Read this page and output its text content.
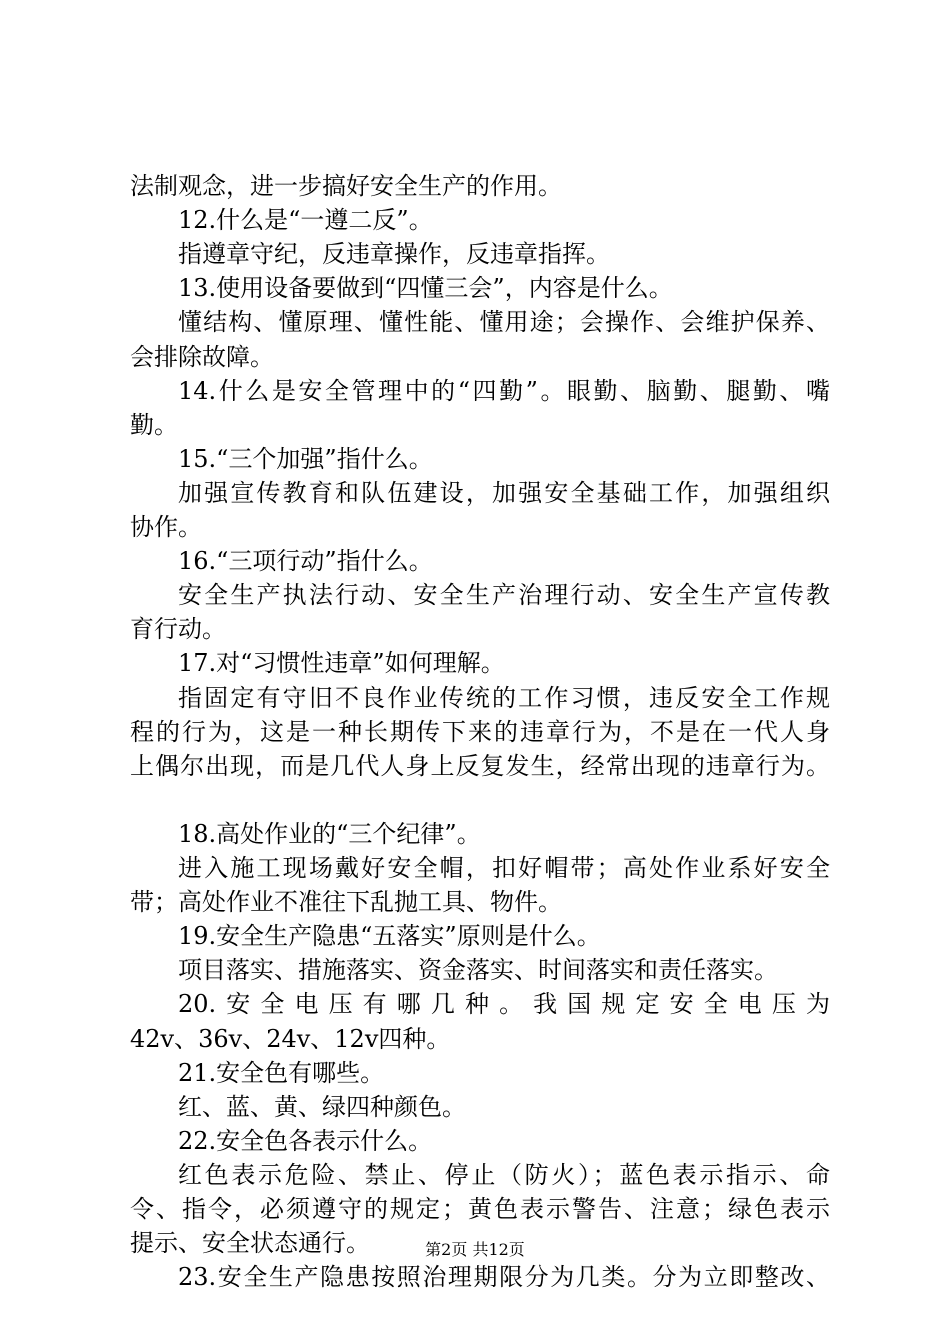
法制观念，进一步搞好安全生产的作用。
12.什么是“一遵二反”。
指遵章守纪，反违章操作，反违章指挥。
13.使用设备要做到“四懂三会”，内容是什么。
懂结构、懂原理、懂性能、懂用途；会操作、会维护保养、
会排除故障。
14.什么是安全管理中的“四勤”。眼勤、脑勤、腿勤、嘴
勤。
15.“三个加强”指什么。
加强宣传教育和队伍建设，加强安全基础工作，加强组织
协作。
16.“三项行动”指什么。
安全生产执法行动、安全生产治理行动、安全生产宣传教
育行动。
17.对“习惯性违章”如何理解。
指固定有守旧不良作业传统的工作习惯，违反安全工作规
程的行为，这是一种长期传下来的违章行为，不是在一代人身
上偶尔出现，而是几代人身上反复发生，经常出现的违章行为。
18.高处作业的“三个纪律”。
进入施工现场戴好安全帽，扣好帽带；高处作业系好安全
带；高处作业不准往下乱抛工具、物件。
19.安全生产隐患“五落实”原则是什么。
项目落实、措施落实、资金落实、时间落实和责任落实。
20.安全电压有哪几种。我国规定安全电压为
42v、36v、24v、12v四种。
21.安全色有哪些。
红、蓝、黄、绿四种颜色。
22.安全色各表示什么。
红色表示危险、禁止、停止（防火）；蓝色表示指示、命
令、指令，必须遵守的规定；黄色表示警告、注意；绿色表示
提示、安全状态通行。
23.安全生产隐患按照治理期限分为几类。分为立即整改、
第2页 共12页
